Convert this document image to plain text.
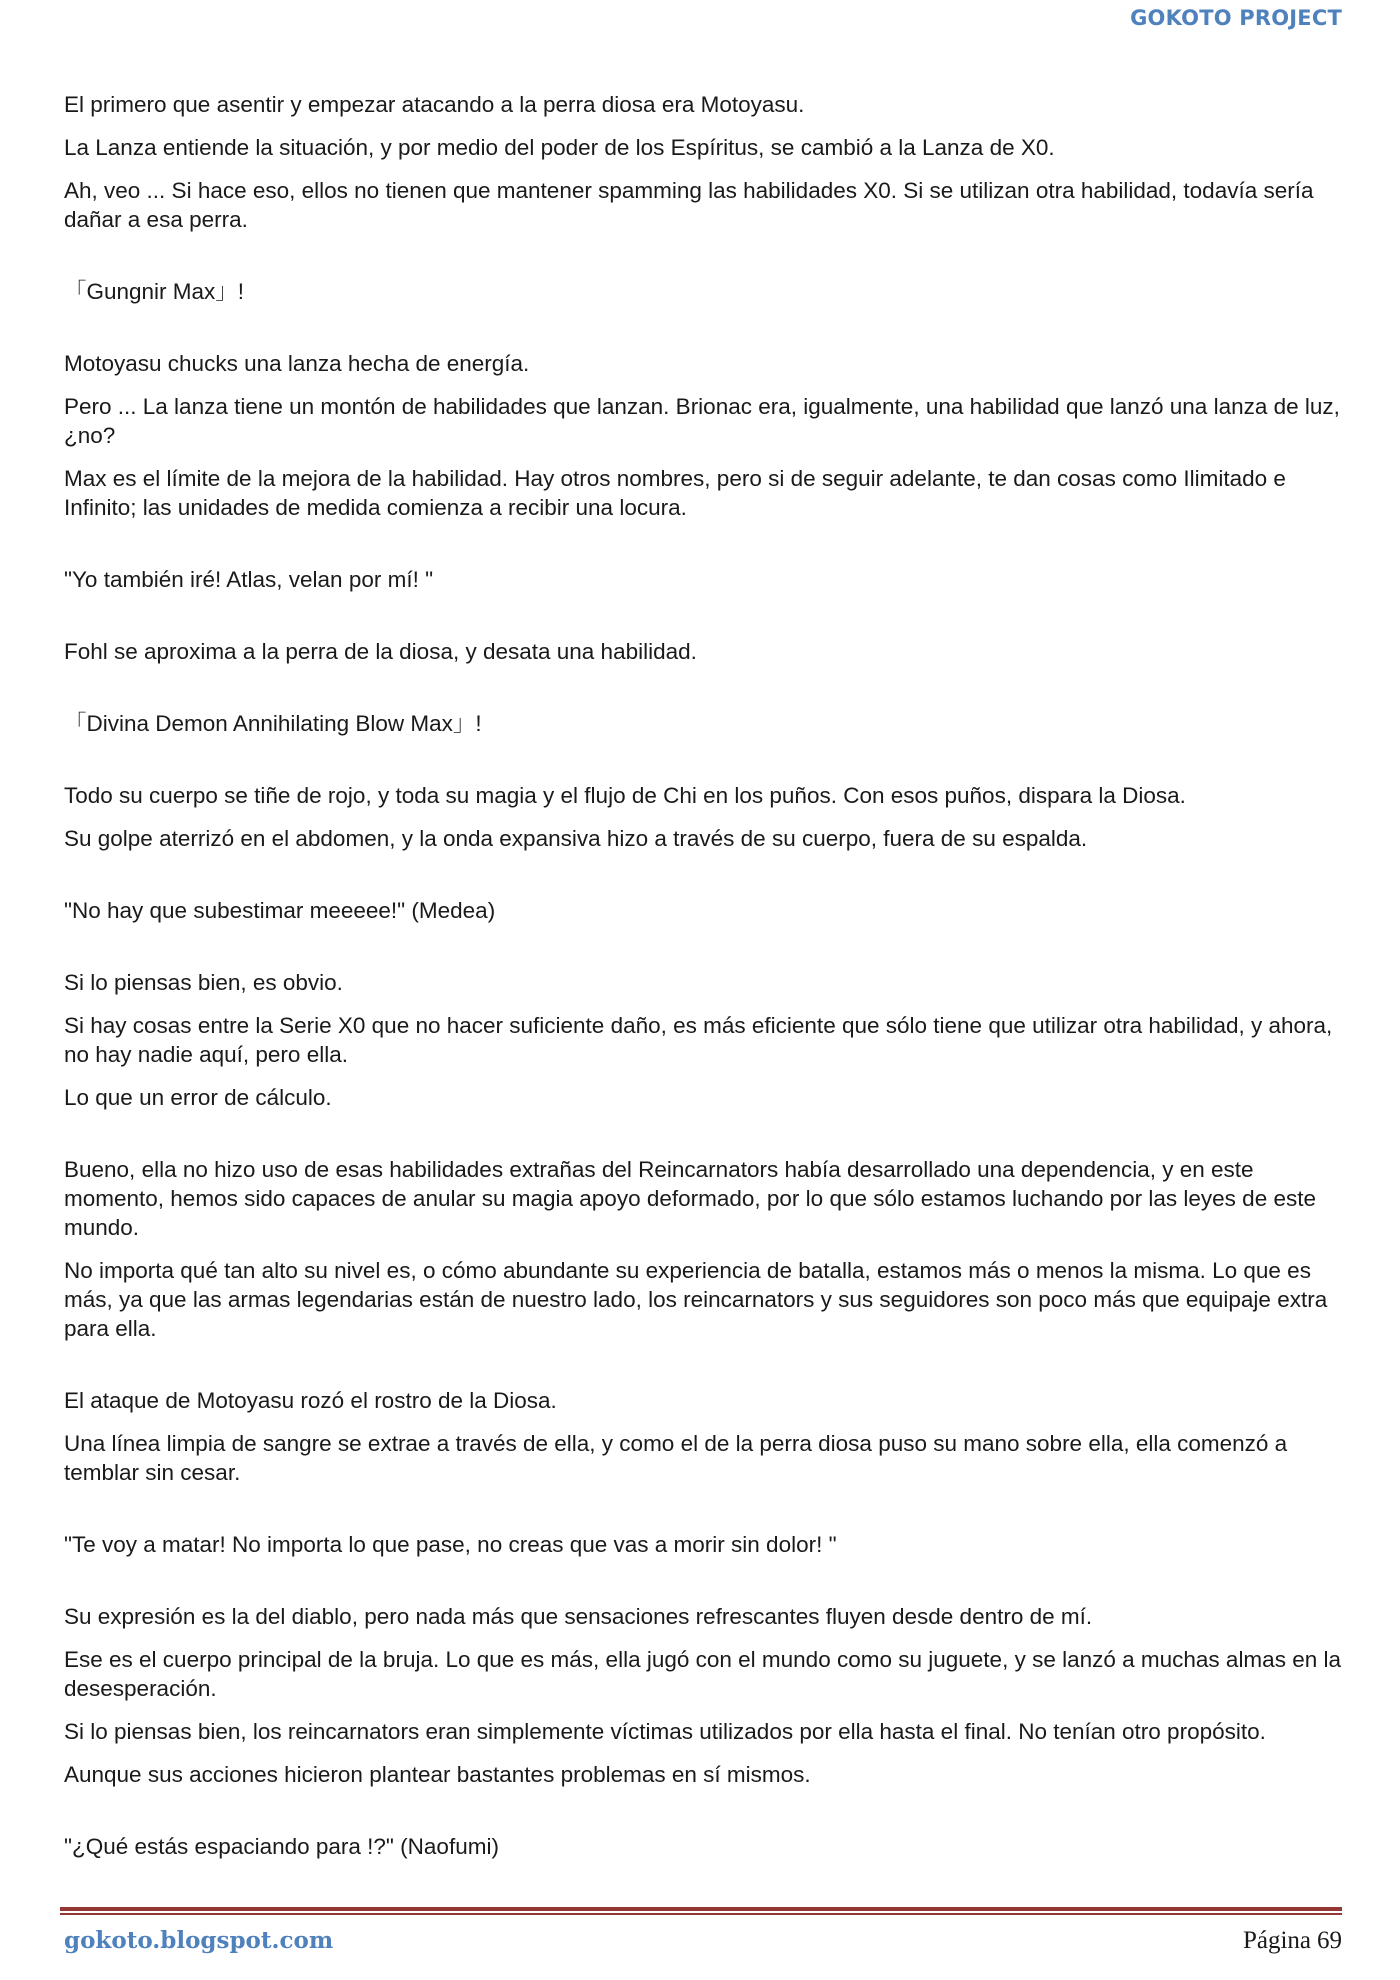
GOKOTO PROJECT

El primero que asentir y empezar atacando a la perra diosa era Motoyasu.

La Lanza entiende la situación, y por medio del poder de los Espíritus, se cambió a la Lanza de X0.

Ah, veo ... Si hace eso, ellos no tienen que mantener spamming las habilidades X0. Si se utilizan otra habilidad, todavía sería dañar a esa perra.

「Gungnir Max」!

Motoyasu chucks una lanza hecha de energía.

Pero ... La lanza tiene un montón de habilidades que lanzan. Brionac era, igualmente, una habilidad que lanzó una lanza de luz, ¿no?

Max es el límite de la mejora de la habilidad. Hay otros nombres, pero si de seguir adelante, te dan cosas como Ilimitado e Infinito; las unidades de medida comienza a recibir una locura.

"Yo también iré! Atlas, velan por mí! "

Fohl se aproxima a la perra de la diosa, y desata una habilidad.

「Divina Demon Annihilating Blow Max」!

Todo su cuerpo se tiñe de rojo, y toda su magia y el flujo de Chi en los puños. Con esos puños, dispara la Diosa.

Su golpe aterrizó en el abdomen, y la onda expansiva hizo a través de su cuerpo, fuera de su espalda.

"No hay que subestimar meeeee!" (Medea)

Si lo piensas bien, es obvio.

Si hay cosas entre la Serie X0 que no hacer suficiente daño, es más eficiente que sólo tiene que utilizar otra habilidad, y ahora, no hay nadie aquí, pero ella.

Lo que un error de cálculo.

Bueno, ella no hizo uso de esas habilidades extrañas del Reincarnators había desarrollado una dependencia, y en este momento, hemos sido capaces de anular su magia apoyo deformado, por lo que sólo estamos luchando por las leyes de este mundo.

No importa qué tan alto su nivel es, o cómo abundante su experiencia de batalla, estamos más o menos la misma. Lo que es más, ya que las armas legendarias están de nuestro lado, los reincarnators y sus seguidores son poco más que equipaje extra para ella.

El ataque de Motoyasu rozó el rostro de la Diosa.

Una línea limpia de sangre se extrae a través de ella, y como el de la perra diosa puso su mano sobre ella, ella comenzó a temblar sin cesar.

"Te voy a matar! No importa lo que pase, no creas que vas a morir sin dolor! "

Su expresión es la del diablo, pero nada más que sensaciones refrescantes fluyen desde dentro de mí.

Ese es el cuerpo principal de la bruja. Lo que es más, ella jugó con el mundo como su juguete, y se lanzó a muchas almas en la desesperación.

Si lo piensas bien, los reincarnators eran simplemente víctimas utilizados por ella hasta el final. No tenían otro propósito.

Aunque sus acciones hicieron plantear bastantes problemas en sí mismos.

"¿Qué estás espaciando para !?" (Naofumi)

gokoto.blogspot.com	Página 69
